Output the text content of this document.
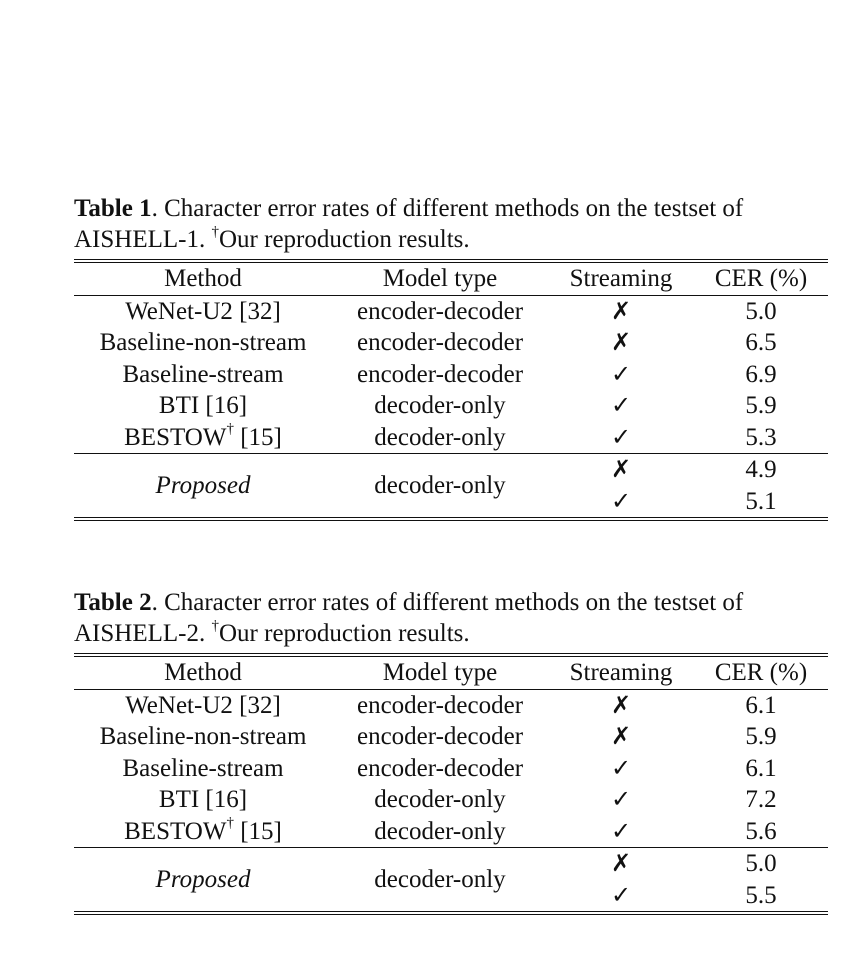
Table 1. Character error rates of different methods on the testset of
AISHELL-1. †Our reproduction results.
Method	Model type	Streaming	CER (%)
WeNet-U2 [32]	encoder-decoder	✗	5.0
Baseline-non-stream	encoder-decoder	✗	6.5
Baseline-stream	encoder-decoder	✓	6.9
BTI [16]	decoder-only	✓	5.9
BESTOW† [15]	decoder-only	✓	5.3
Proposed	decoder-only	✗	4.9
		✓	5.1
Table 2. Character error rates of different methods on the testset of
AISHELL-2. †Our reproduction results.
Method	Model type	Streaming	CER (%)
WeNet-U2 [32]	encoder-decoder	✗	6.1
Baseline-non-stream	encoder-decoder	✗	5.9
Baseline-stream	encoder-decoder	✓	6.1
BTI [16]	decoder-only	✓	7.2
BESTOW† [15]	decoder-only	✓	5.6
Proposed	decoder-only	✗	5.0
		✓	5.5
